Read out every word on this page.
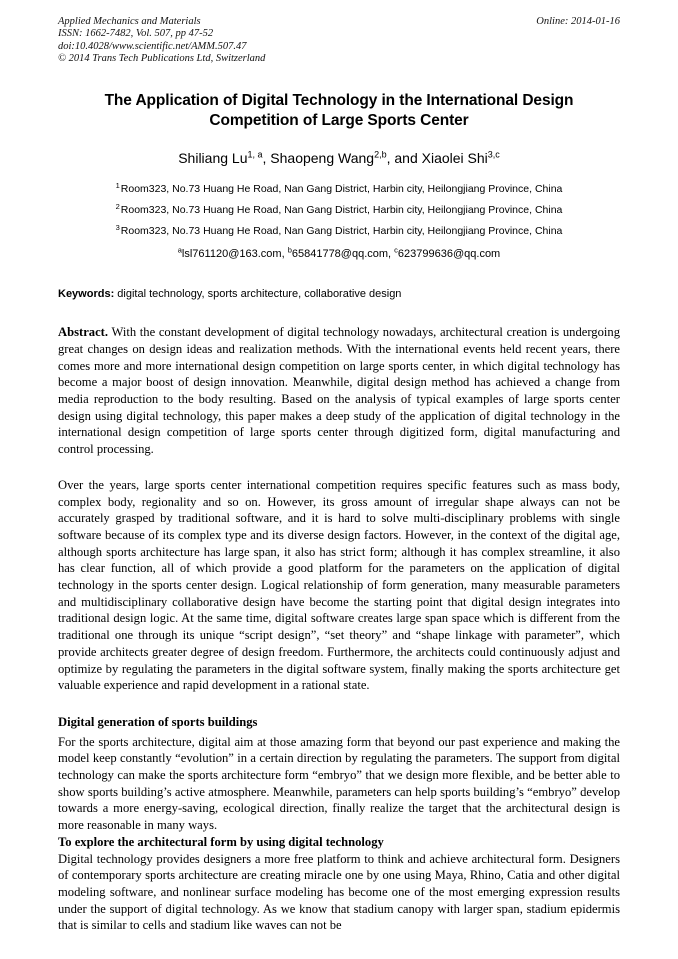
Applied Mechanics and Materials	Online: 2014-01-16
ISSN: 1662-7482, Vol. 507, pp 47-52
doi:10.4028/www.scientific.net/AMM.507.47
© 2014 Trans Tech Publications Ltd, Switzerland
The Application of Digital Technology in the International Design Competition of Large Sports Center
Shiliang Lu$^{1, a}$, Shaopeng Wang$^{2,b}$, and Xiaolei Shi$^{3,c}$
$^1$Room323, No.73 Huang He Road, Nan Gang District, Harbin city, Heilongjiang Province, China
$^2$Room323, No.73 Huang He Road, Nan Gang District, Harbin city, Heilongjiang Province, China
$^3$Room323, No.73 Huang He Road, Nan Gang District, Harbin city, Heilongjiang Province, China
$^a$lsl761120@163.com, $^b$65841778@qq.com, $^c$623799636@qq.com
Keywords: digital technology, sports architecture, collaborative design
Abstract. With the constant development of digital technology nowadays, architectural creation is undergoing great changes on design ideas and realization methods. With the international events held recent years, there comes more and more international design competition on large sports center, in which digital technology has become a major boost of design innovation. Meanwhile, digital design method has achieved a change from media reproduction to the body resulting. Based on the analysis of typical examples of large sports center design using digital technology, this paper makes a deep study of the application of digital technology in the international design competition of large sports center through digitized form, digital manufacturing and control processing.
Over the years, large sports center international competition requires specific features such as mass body, complex body, regionality and so on. However, its gross amount of irregular shape always can not be accurately grasped by traditional software, and it is hard to solve multi-disciplinary problems with single software because of its complex type and its diverse design factors. However, in the context of the digital age, although sports architecture has large span, it also has strict form; although it has complex streamline, it also has clear function, all of which provide a good platform for the parameters on the application of digital technology in the sports center design. Logical relationship of form generation, many measurable parameters and multidisciplinary collaborative design have become the starting point that digital design integrates into traditional design logic. At the same time, digital software creates large span space which is different from the traditional one through its unique “script design”, “set theory” and “shape linkage with parameter”, which provide architects greater degree of design freedom. Furthermore, the architects could continuously adjust and optimize by regulating the parameters in the digital software system, finally making the sports architecture get valuable experience and rapid development in a rational state.
Digital generation of sports buildings
For the sports architecture, digital aim at those amazing form that beyond our past experience and making the model keep constantly “evolution” in a certain direction by regulating the parameters. The support from digital technology can make the sports architecture form “embryo” that we design more flexible, and be better able to show sports building’s active atmosphere. Meanwhile, parameters can help sports building’s “embryo” develop towards a more energy-saving, ecological direction, finally realize the target that the architectural design is more reasonable in many ways.
To explore the architectural form by using digital technology
Digital technology provides designers a more free platform to think and achieve architectural form. Designers of contemporary sports architecture are creating miracle one by one using Maya, Rhino, Catia and other digital modeling software, and nonlinear surface modeling has become one of the most emerging expression results under the support of digital technology. As we know that stadium canopy with larger span, stadium epidermis that is similar to cells and stadium like waves can not be
